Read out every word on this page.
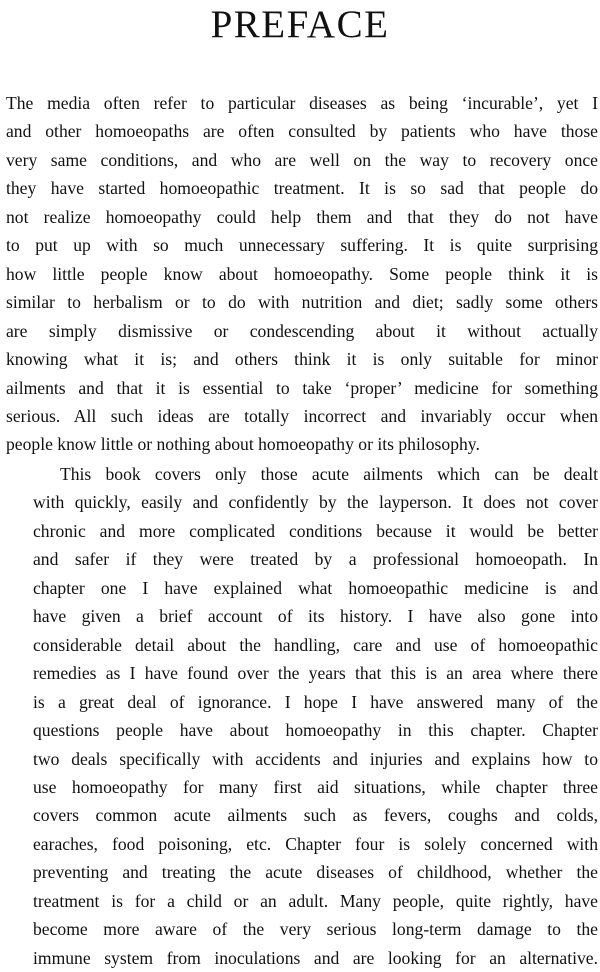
PREFACE
The media often refer to particular diseases as being ‘incurable’, yet I
and other homoeopaths are often consulted by patients who have those
very same conditions, and who are well on the way to recovery once
they have started homoeopathic treatment. It is so sad that people do
not realize homoeopathy could help them and that they do not have
to put up with so much unnecessary suffering. It is quite surprising
how little people know about homoeopathy. Some people think it is
similar to herbalism or to do with nutrition and diet; sadly some others
are simply dismissive or condescending about it without actually
knowing what it is; and others think it is only suitable for minor
ailments and that it is essential to take ‘proper’ medicine for something
serious. All such ideas are totally incorrect and invariably occur when
people know little or nothing about homoeopathy or its philosophy.
This book covers only those acute ailments which can be dealt
with quickly, easily and confidently by the layperson. It does not cover
chronic and more complicated conditions because it would be better
and safer if they were treated by a professional homoeopath. In
chapter one I have explained what homoeopathic medicine is and
have given a brief account of its history. I have also gone into
considerable detail about the handling, care and use of homoeopathic
remedies as I have found over the years that this is an area where there
is a great deal of ignorance. I hope I have answered many of the
questions people have about homoeopathy in this chapter. Chapter
two deals specifically with accidents and injuries and explains how to
use homoeopathy for many first aid situations, while chapter three
covers common acute ailments such as fevers, coughs and colds,
earaches, food poisoning, etc. Chapter four is solely concerned with
preventing and treating the acute diseases of childhood, whether the
treatment is for a child or an adult. Many people, quite rightly, have
become more aware of the very serious long-term damage to the
immune system from inoculations and are looking for an alternative.
